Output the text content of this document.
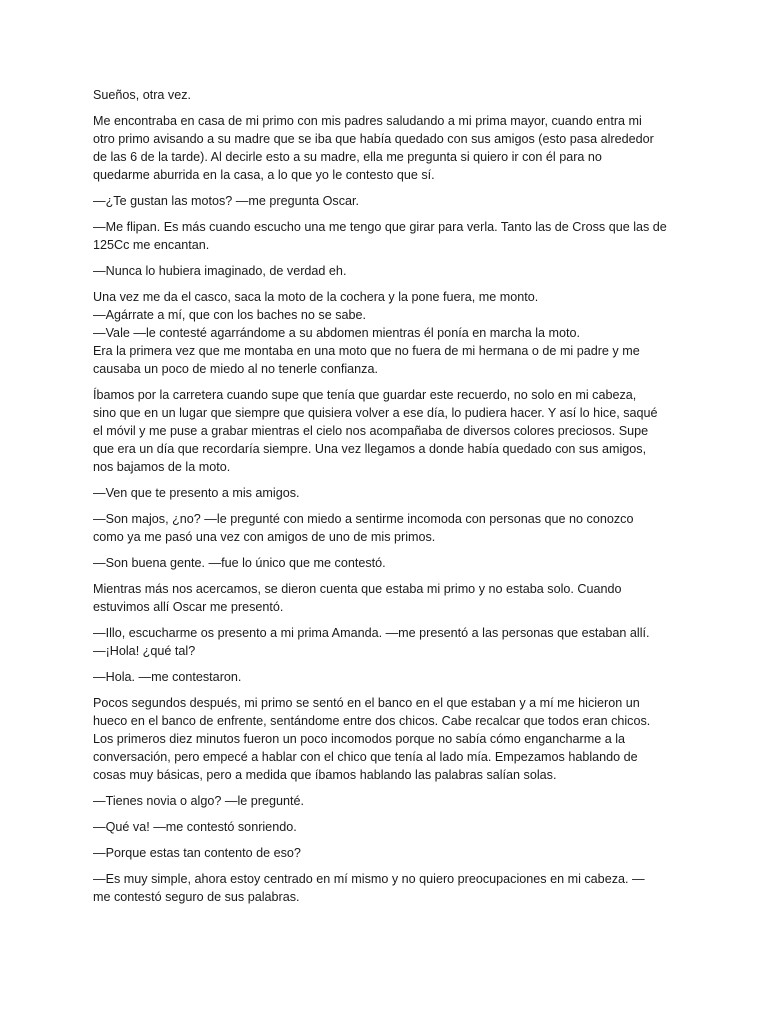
Sueños, otra vez.

Me encontraba en casa de mi primo con mis padres saludando a mi prima mayor, cuando entra mi
otro primo avisando a su madre que se iba que había quedado con sus amigos (esto pasa alrededor
de las 6 de la tarde). Al decirle esto a su madre, ella me pregunta si quiero ir con él para no
quedarme aburrida en la casa, a lo que yo le contesto que sí.

—¿Te gustan las motos? —me pregunta Oscar.

—Me flipan. Es más cuando escucho una me tengo que girar para verla. Tanto las de Cross que las de
125Cc me encantan.

—Nunca lo hubiera imaginado, de verdad eh.

Una vez me da el casco, saca la moto de la cochera y la pone fuera, me monto.
—Agárrate a mí, que con los baches no se sabe.
—Vale —le contesté agarrándome a su abdomen mientras él ponía en marcha la moto.
Era la primera vez que me montaba en una moto que no fuera de mi hermana o de mi padre y me
causaba un poco de miedo al no tenerle confianza.

Íbamos por la carretera cuando supe que tenía que guardar este recuerdo, no solo en mi cabeza,
sino que en un lugar que siempre que quisiera volver a ese día, lo pudiera hacer. Y así lo hice, saqué
el móvil y me puse a grabar mientras el cielo nos acompañaba de diversos colores preciosos. Supe
que era un día que recordaría siempre. Una vez llegamos a donde había quedado con sus amigos,
nos bajamos de la moto.

—Ven que te presento a mis amigos.

—Son majos, ¿no? —le pregunté con miedo a sentirme incomoda con personas que no conozco
como ya me pasó una vez con amigos de uno de mis primos.

—Son buena gente. —fue lo único que me contestó.

Mientras más nos acercamos, se dieron cuenta que estaba mi primo y no estaba solo. Cuando
estuvimos allí Oscar me presentó.

—Illo, escucharme os presento a mi prima Amanda. —me presentó a las personas que estaban allí.
—¡Hola! ¿qué tal?

—Hola. —me contestaron.

Pocos segundos después, mi primo se sentó en el banco en el que estaban y a mí me hicieron un
hueco en el banco de enfrente, sentándome entre dos chicos. Cabe recalcar que todos eran chicos.
Los primeros diez minutos fueron un poco incomodos porque no sabía cómo engancharme a la
conversación, pero empecé a hablar con el chico que tenía al lado mía. Empezamos hablando de
cosas muy básicas, pero a medida que íbamos hablando las palabras salían solas.

—Tienes novia o algo? —le pregunté.

—Qué va! —me contestó sonriendo.

—Porque estas tan contento de eso?

—Es muy simple, ahora estoy centrado en mí mismo y no quiero preocupaciones en mi cabeza. —
me contestó seguro de sus palabras.
